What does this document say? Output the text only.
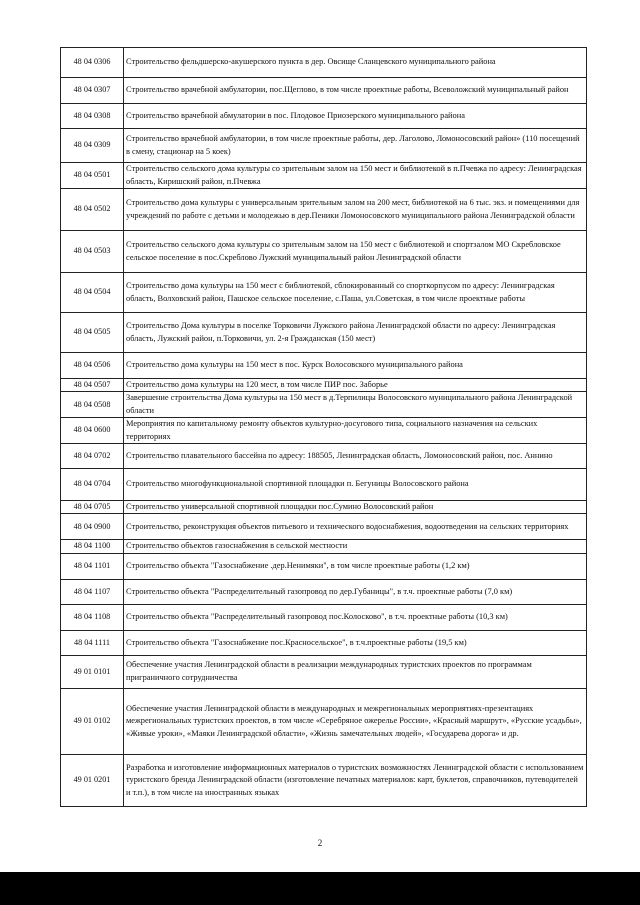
48 04 0306	Строительство фельдшерско-акушерского пункта в дер. Овсище Сланцевского муниципального района
48 04 0307	Строительство врачебной амбулатории, пос.Щеглово, в том числе проектные работы, Всеволожский муниципальный район
48 04 0308	Строительство врачебной абмулатории в пос. Плодовое Приозерского муниципального района
48 04 0309	Строительство врачебной амбулатории, в том числе проектные работы, дер. Лаголово, Ломоносовский район» (110 посещений в смену, стационар на 5 коек)
48 04 0501	Строительство сельского дома культуры со зрительным залом на 150 мест и библиотекой в п.Пчевжа по адресу: Ленинградская область, Киришский район, п.Пчевжа
48 04 0502	Строительство дома культуры с универсальным зрительным залом на 200 мест, библиотекой на 6 тыс. экз. и помещениями для учреждений по работе с детьми и молодежью в дер.Пеники Ломоносовского муниципального района Ленинградской области
48 04 0503	Строительство сельского дома культуры со зрительным залом на 150 мест с библиотекой и спортзалом МО Скребловское сельское поселение в пос.Скреблово Лужский муниципальный район Ленинградской области
48 04 0504	Строительство дома культуры на 150 мест с библиотекой, сблокированный со спорткорпусом по адресу: Ленинградская область, Волховский район, Пашское сельское поселение, с.Паша, ул.Советская, в том числе проектные работы
48 04 0505	Строительство Дома культуры в поселке Торковичи Лужского района Ленинградской области по адресу: Ленинградская область, Лужский район, п.Торковичи, ул. 2-я Гражданская (150 мест)
48 04 0506	Строительство дома культуры на 150 мест в пос. Курск Волосовского муниципального района
48 04 0507	Строительство дома культуры на 120 мест, в том числе ПИР пос. Заборье
48 04 0508	Завершение строительства Дома культуры на 150 мест в д.Терпилицы Волосовского муниципального района Ленинградской области
48 04 0600	Мероприятия по капитальному ремонту объектов культурно-досугового типа, социального назначения на сельских территориях
48 04 0702	Строительство плавательного бассейна по адресу: 188505, Ленинградская область, Ломоносовский район, пос. Аннино
48 04 0704	Строительство многофункциональной спортивной площадки п. Бегуницы Волосовского района
48 04 0705	Строительство универсальной спортивной площадки пос.Сумино Волосовский район
48 04 0900	Строительство, реконструкция объектов питьевого и технического водоснабжения, водоотведения на сельских территориях
48 04 1100	Строительство объектов газоснабжения в сельской местности
48 04 1101	Строительство объекта "Газоснабжение .дер.Ненимяки", в том числе проектные работы (1,2 км)
48 04 1107	Строительство объекта "Распределительный газопровод по дер.Губаницы", в т.ч. проектные работы (7,0 км)
48 04 1108	Строительство объекта "Распределительный газопровод пос.Колосково", в т.ч. проектные работы (10,3 км)
48 04 1111	Строительство объекта "Газоснабжение пос.Красносельское", в т.ч.проектные работы (19,5 км)
49 01 0101	Обеспечение участия Ленинградской области в реализации международных туристских проектов по программам приграничного сотрудничества
49 01 0102	Обеспечение участия Ленинградской области в международных и межрегиональных мероприятиях-презентациях межрегиональных туристских проектов, в том числе «Серебряное ожерелье России», «Красный маршрут», «Русские усадьбы», «Живые уроки», «Маяки Ленинградской области», «Жизнь замечательных людей», «Государева дорога» и др.
49 01 0201	Разработка и изготовление информационных материалов о туристских возможностях Ленинградской области с использованием туристского бренда Ленинградской области (изготовление печатных материалов: карт, буклетов, справочников, путеводителей и т.п.), в том числе на иностранных языках
2
